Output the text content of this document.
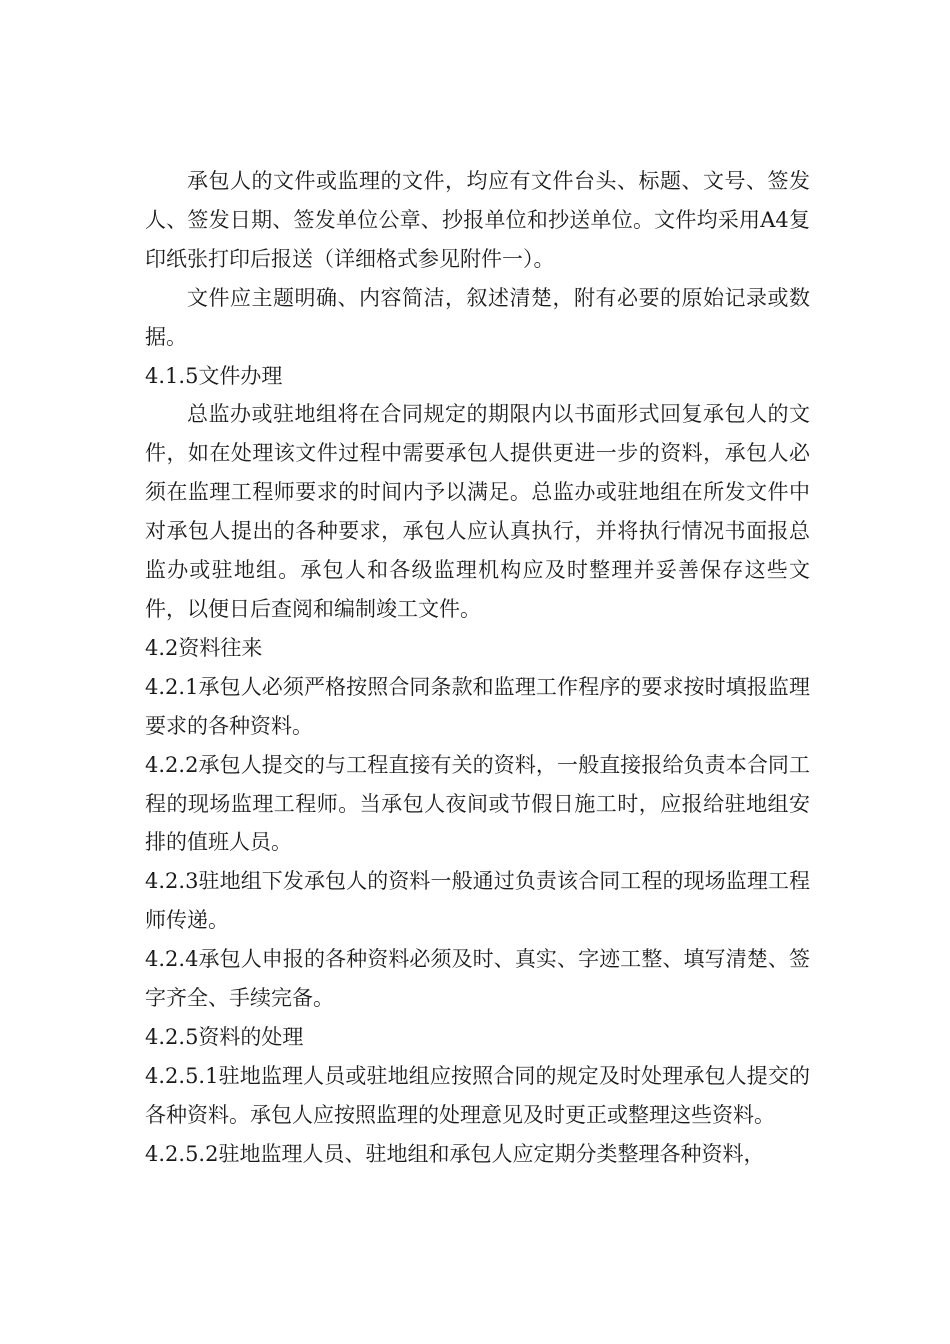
承包人的文件或监理的文件，均应有文件台头、标题、文号、签发人、签发日期、签发单位公章、抄报单位和抄送单位。文件均采用A4复印纸张打印后报送（详细格式参见附件一）。

文件应主题明确、内容简洁，叙述清楚，附有必要的原始记录或数据。

4.1.5文件办理

总监办或驻地组将在合同规定的期限内以书面形式回复承包人的文件，如在处理该文件过程中需要承包人提供更进一步的资料，承包人必须在监理工程师要求的时间内予以满足。总监办或驻地组在所发文件中对承包人提出的各种要求，承包人应认真执行，并将执行情况书面报总监办或驻地组。承包人和各级监理机构应及时整理并妥善保存这些文件，以便日后查阅和编制竣工文件。

4.2资料往来

4.2.1承包人必须严格按照合同条款和监理工作程序的要求按时填报监理要求的各种资料。

4.2.2承包人提交的与工程直接有关的资料，一般直接报给负责本合同工程的现场监理工程师。当承包人夜间或节假日施工时，应报给驻地组安排的值班人员。

4.2.3驻地组下发承包人的资料一般通过负责该合同工程的现场监理工程师传递。

4.2.4承包人申报的各种资料必须及时、真实、字迹工整、填写清楚、签字齐全、手续完备。

4.2.5资料的处理

4.2.5.1驻地监理人员或驻地组应按照合同的规定及时处理承包人提交的各种资料。承包人应按照监理的处理意见及时更正或整理这些资料。

4.2.5.2驻地监理人员、驻地组和承包人应定期分类整理各种资料，
